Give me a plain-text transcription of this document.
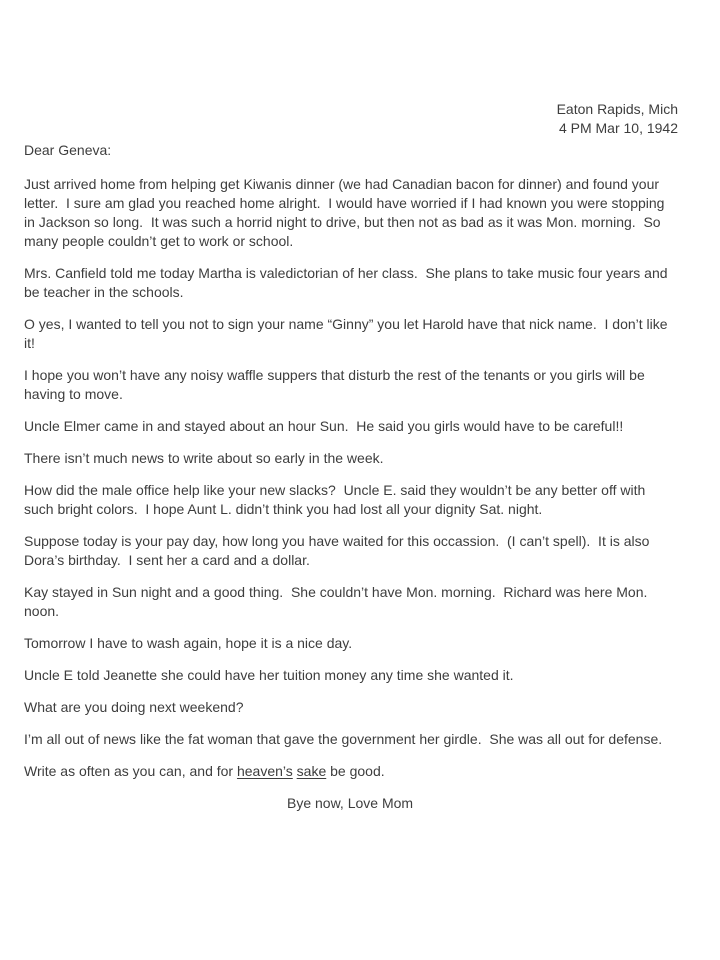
Eaton Rapids, Mich
4 PM Mar 10, 1942
Dear Geneva:

Just arrived home from helping get Kiwanis dinner (we had Canadian bacon for dinner) and found your letter.  I sure am glad you reached home alright.  I would have worried if I had known you were stopping in Jackson so long.  It was such a horrid night to drive, but then not as bad as it was Mon. morning.  So many people couldn’t get to work or school.

Mrs. Canfield told me today Martha is valedictorian of her class.  She plans to take music four years and be teacher in the schools.

O yes, I wanted to tell you not to sign your name “Ginny” you let Harold have that nick name.  I don’t like it!

I hope you won’t have any noisy waffle suppers that disturb the rest of the tenants or you girls will be having to move.

Uncle Elmer came in and stayed about an hour Sun.  He said you girls would have to be careful!!

There isn’t much news to write about so early in the week.

How did the male office help like your new slacks?  Uncle E. said they wouldn’t be any better off with such bright colors.  I hope Aunt L. didn’t think you had lost all your dignity Sat. night.

Suppose today is your pay day, how long you have waited for this occassion.  (I can’t spell).  It is also Dora’s birthday.  I sent her a card and a dollar.

Kay stayed in Sun night and a good thing.  She couldn’t have Mon. morning.  Richard was here Mon. noon.

Tomorrow I have to wash again, hope it is a nice day.

Uncle E told Jeanette she could have her tuition money any time she wanted it.

What are you doing next weekend?

I’m all out of news like the fat woman that gave the government her girdle.  She was all out for defense.

Write as often as you can, and for heaven’s sake be good.

Bye now, Love Mom
